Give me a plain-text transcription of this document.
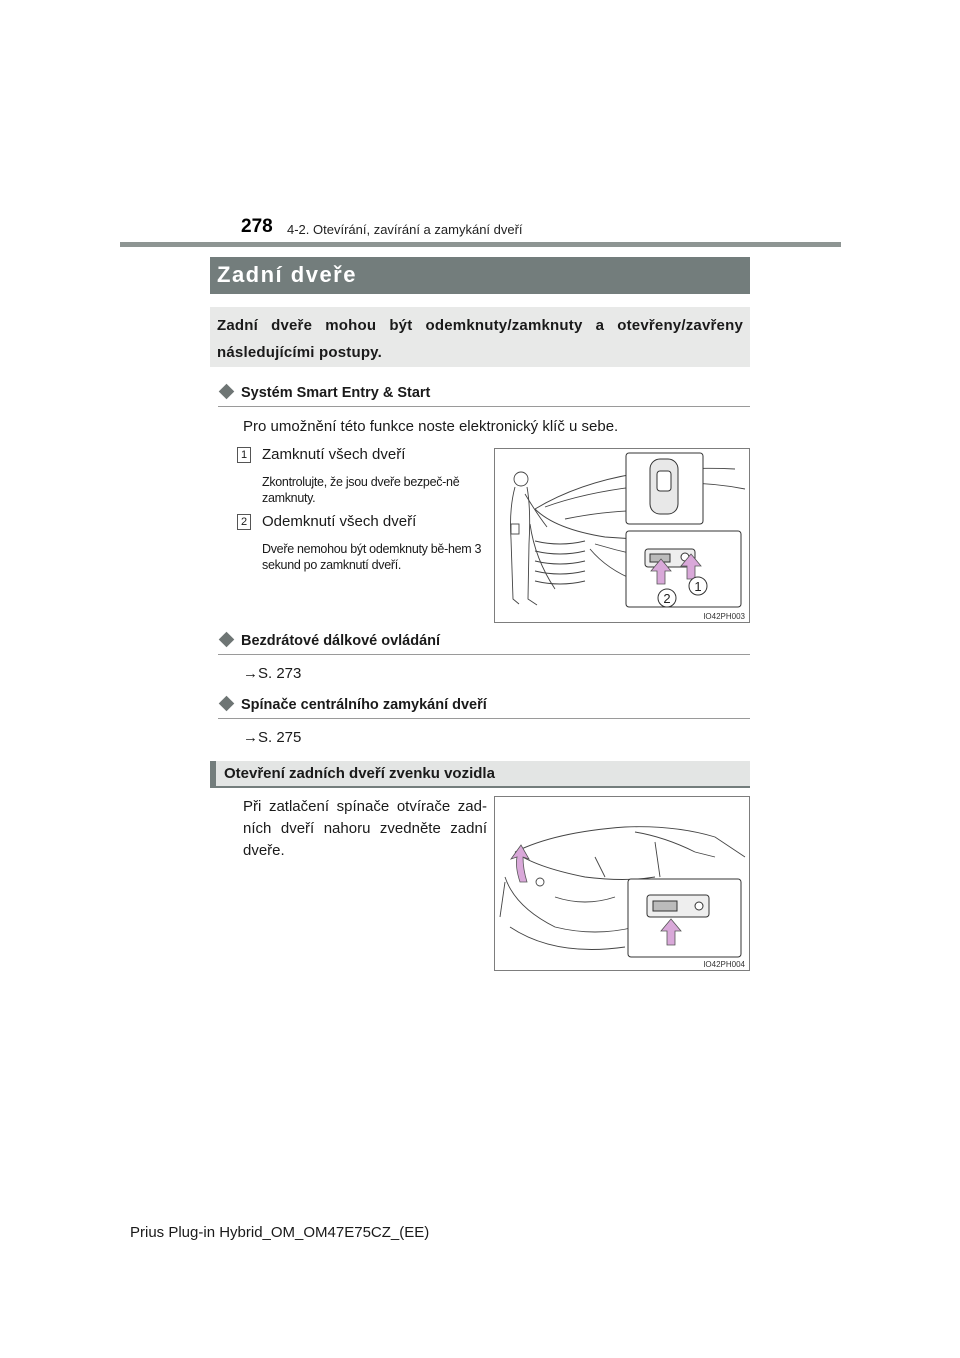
278 4-2. Otevírání, zavírání a zamykání dveří
Zadní dveře
Zadní dveře mohou být odemknuty/zamknuty a otevřeny/zavřeny následujícími postupy.
Systém Smart Entry & Start
Pro umožnění této funkce noste elektronický klíč u sebe.
1 Zamknutí všech dveří
Zkontrolujte, že jsou dveře bezpeč-ně zamknuty.
2 Odemknutí všech dveří
Dveře nemohou být odemknuty bě-hem 3 sekund po zamknutí dveří.
1
2
IO42PH003
Bezdrátové dálkové ovládání
→S. 273
Spínače centrálního zamykání dveří
→S. 275
Otevření zadních dveří zvenku vozidla
Při zatlačení spínače otvírače zad-ních dveří nahoru zvedněte zadní dveře.
IO42PH004
Prius Plug-in Hybrid_OM_OM47E75CZ_(EE)
